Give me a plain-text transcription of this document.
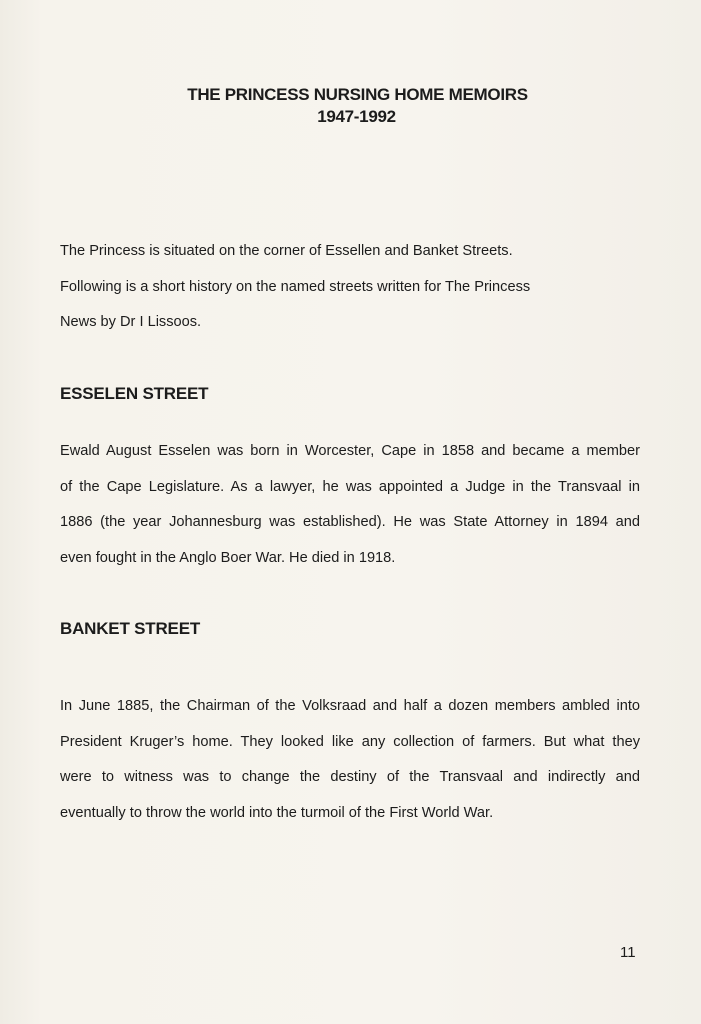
THE PRINCESS NURSING HOME MEMOIRS
1947-1992
The Princess is situated on the corner of Essellen and Banket Streets.
Following is a short history on the named streets written for The Princess
News by Dr I Lissoos.
ESSELEN STREET
Ewald August Esselen was born in Worcester, Cape in 1858 and became a member
of the Cape Legislature. As a lawyer, he was appointed a Judge in the Transvaal in
1886 (the year Johannesburg was established). He was State Attorney in 1894 and
even fought in the Anglo Boer War. He died in 1918.
BANKET STREET
In June 1885, the Chairman of the Volksraad and half a dozen members ambled into
President Kruger’s home. They looked like any collection of farmers. But what they
were to witness was to change the destiny of the Transvaal and indirectly and
eventually to throw the world into the turmoil of the First World War.
11
